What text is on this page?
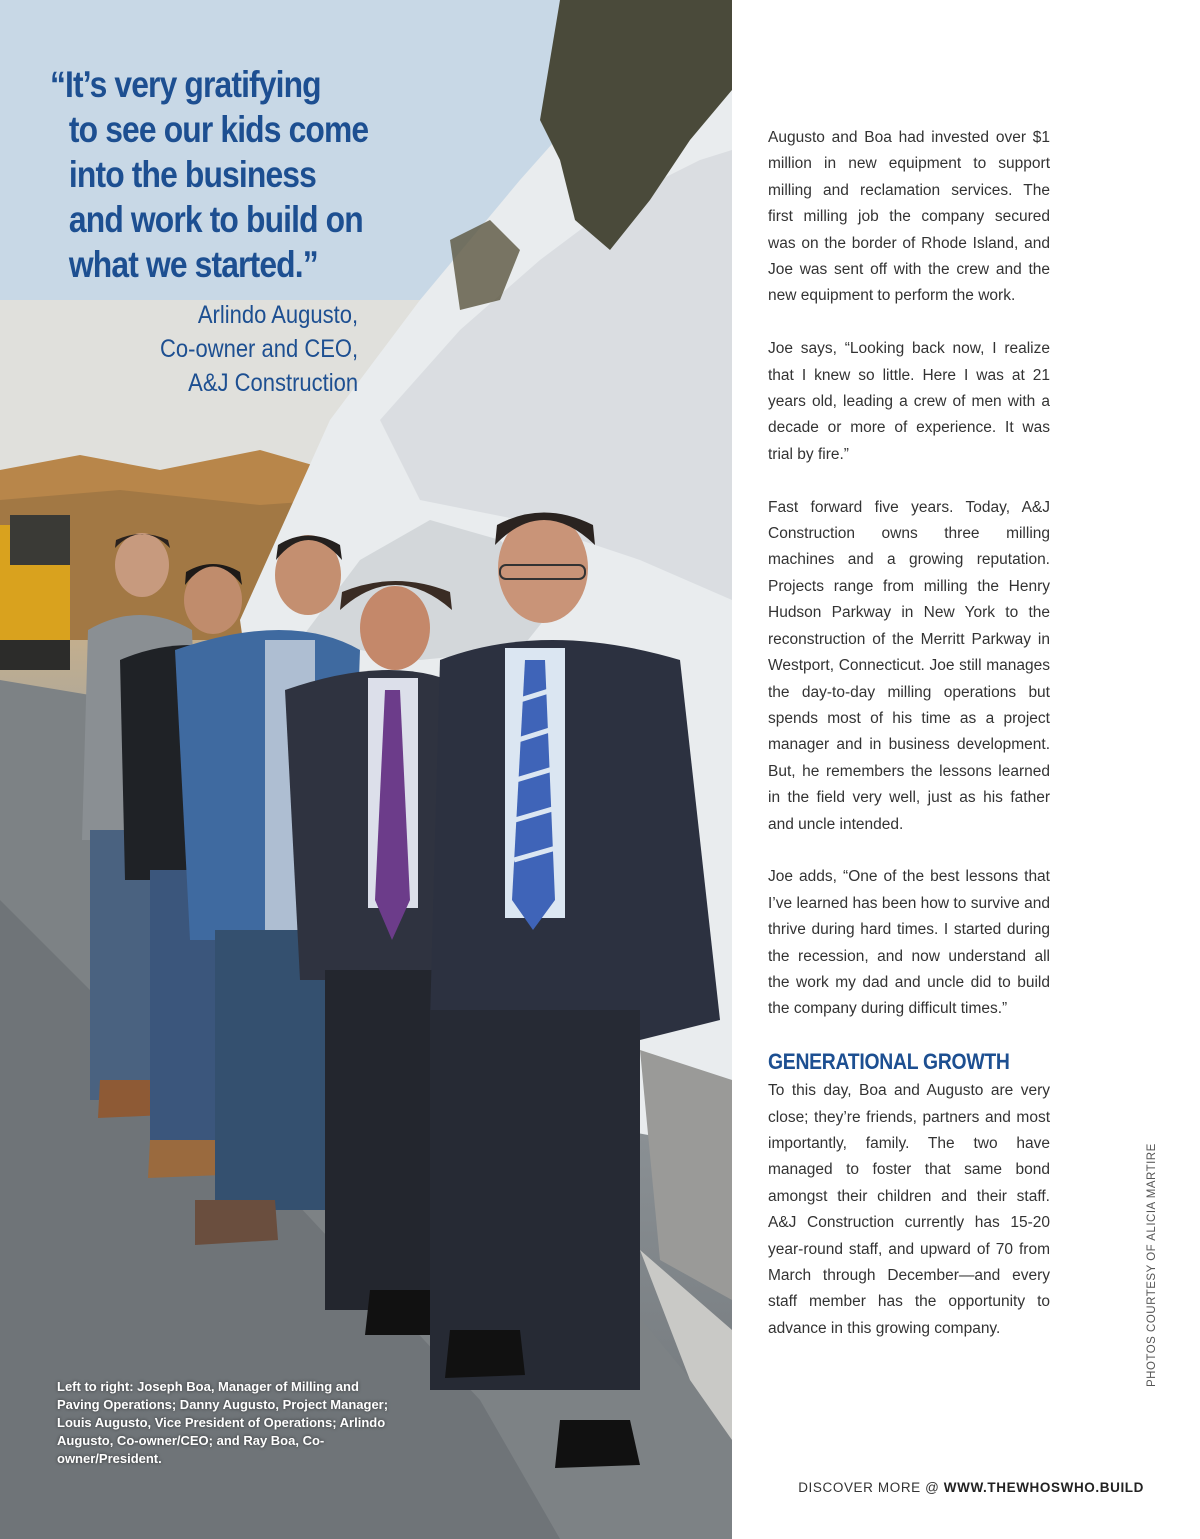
“It’s very gratifying
to see our kids come
into the business
and work to build on
what we started.”
Arlindo Augusto,
Co-owner and CEO,
A&J Construction
Left to right: Joseph Boa, Manager of Milling and Paving Operations; Danny Augusto, Project Manager; Louis Augusto, Vice President of Operations; Arlindo Augusto, Co-owner/CEO; and Ray Boa, Co-owner/President.

Augusto and Boa had invested over $1 million in new equipment to support milling and reclamation services. The first milling job the company secured was on the border of Rhode Island, and Joe was sent off with the crew and the new equipment to perform the work.

Joe says, “Looking back now, I realize that I knew so little. Here I was at 21 years old, leading a crew of men with a decade or more of experience. It was trial by fire.”

Fast forward five years. Today, A&J Construction owns three milling machines and a growing reputation. Projects range from milling the Henry Hudson Parkway in New York to the reconstruction of the Merritt Parkway in Westport, Connecticut. Joe still manages the day-to-day milling operations but spends most of his time as a project manager and in business development. But, he remembers the lessons learned in the field very well, just as his father and uncle intended.

Joe adds, “One of the best lessons that I’ve learned has been how to survive and thrive during hard times. I started during the recession, and now understand all the work my dad and uncle did to build the company during difficult times.”

GENERATIONAL GROWTH

To this day, Boa and Augusto are very close; they’re friends, partners and most importantly, family. The two have managed to foster that same bond amongst their children and their staff. A&J Construction currently has 15-20 year-round staff, and upward of 70 from March through December—and every staff member has the opportunity to advance in this growing company.	PHOTOS COURTESY OF ALICIA MARTIRE
DISCOVER MORE @ WWW.THEWHOSWHO.BUILD
